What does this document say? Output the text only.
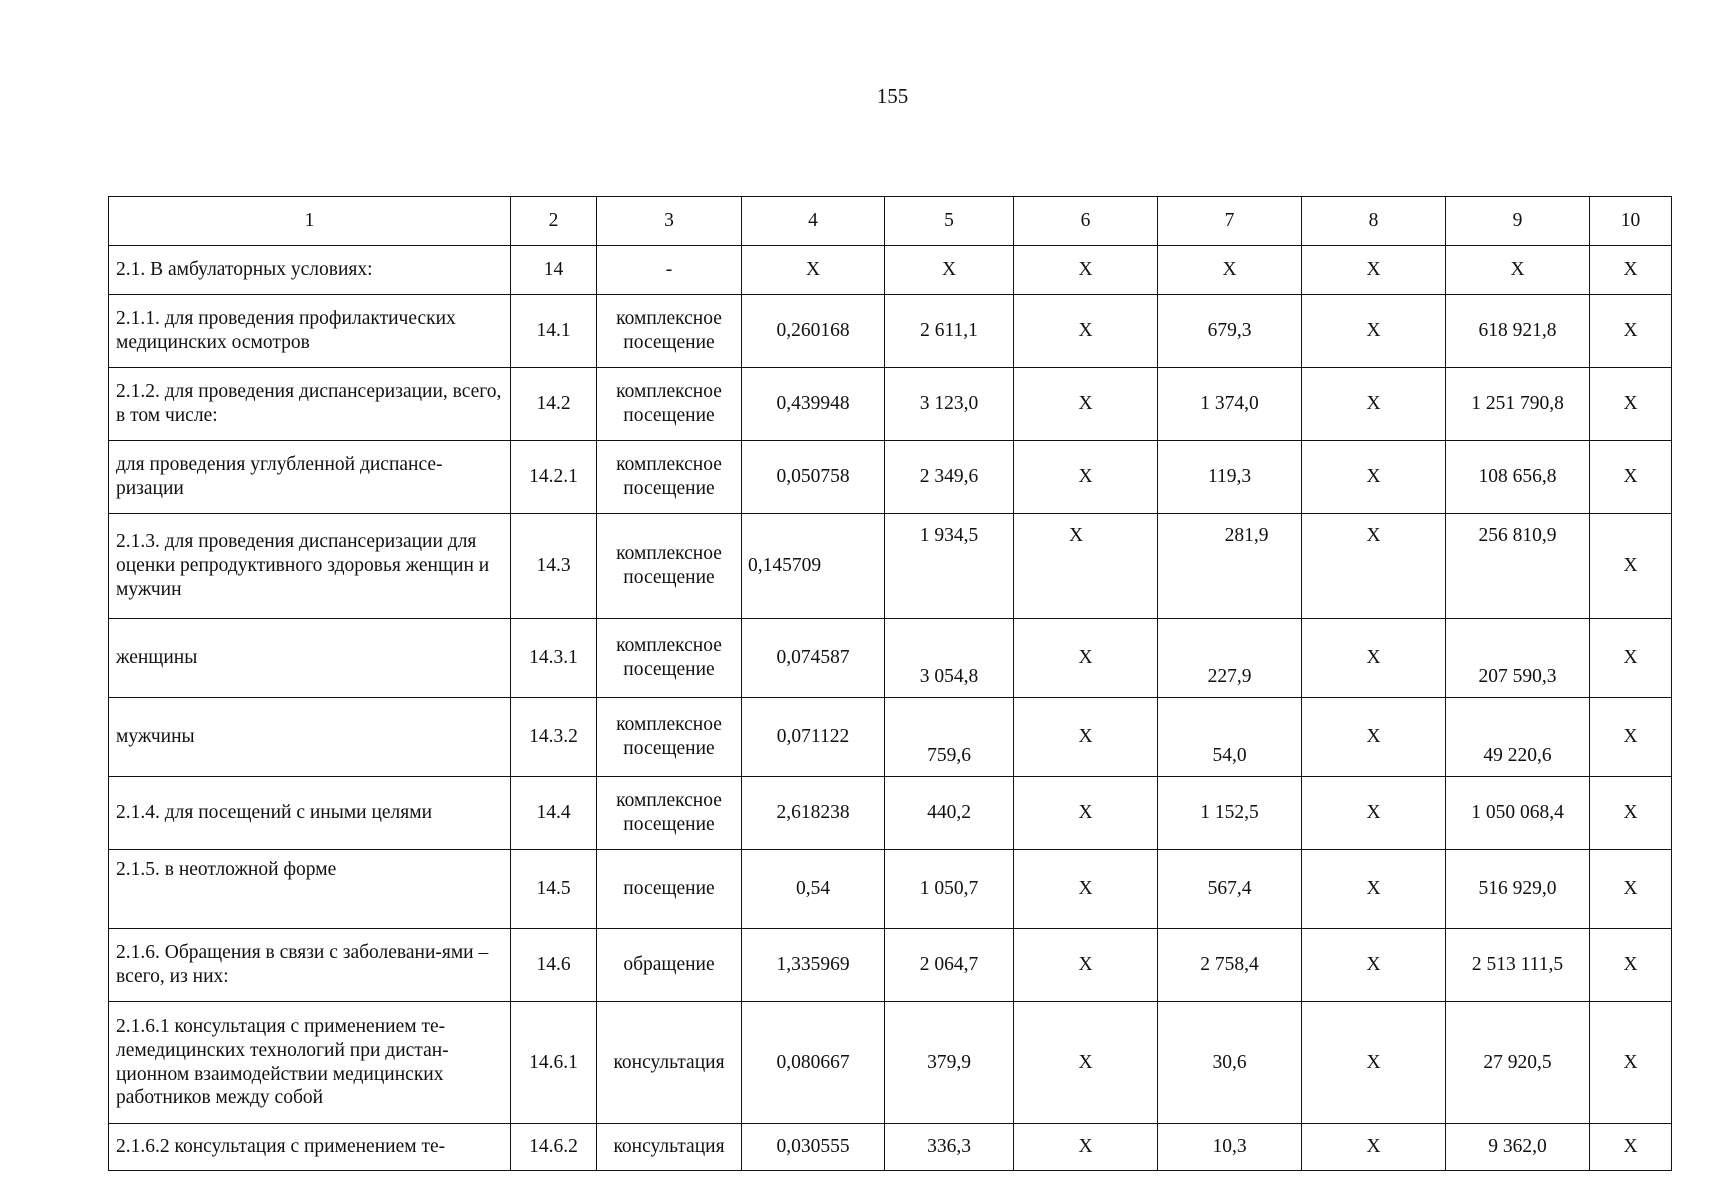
155
1	2	3	4	5	6	7	8	9	10
2.1. В амбулаторных условиях:	14	-	X	X	X	X	X	X	X
2.1.1. для проведения профилактических медицинских осмотров	14.1	комплексное посещение	0,260168	2 611,1	X	679,3	X	618 921,8	X
2.1.2. для проведения диспансеризации, всего, в том числе:	14.2	комплексное посещение	0,439948	3 123,0	X	1 374,0	X	1 251 790,8	X
для проведения углубленной диспансе-ризации	14.2.1	комплексное посещение	0,050758	2 349,6	X	119,3	X	108 656,8	X
2.1.3. для проведения диспансеризации для оценки репродуктивного здоровья женщин и мужчин	14.3	комплексное посещение	0,145709	1 934,5	X	281,9	X	256 810,9	X
женщины	14.3.1	комплексное посещение	0,074587	3 054,8	X	227,9	X	207 590,3	X
мужчины	14.3.2	комплексное посещение	0,071122	759,6	X	54,0	X	49 220,6	X
2.1.4. для посещений с иными целями	14.4	комплексное посещение	2,618238	440,2	X	1 152,5	X	1 050 068,4	X
2.1.5. в неотложной форме	14.5	посещение	0,54	1 050,7	X	567,4	X	516 929,0	X
2.1.6. Обращения в связи с заболевани-ями – всего, из них:	14.6	обращение	1,335969	2 064,7	X	2 758,4	X	2 513 111,5	X
2.1.6.1 консультация с применением те-лемедицинских технологий при дистан-ционном взаимодействии медицинских работников между собой	14.6.1	консультация	0,080667	379,9	X	30,6	X	27 920,5	X
2.1.6.2 консультация с применением те-	14.6.2	консультация	0,030555	336,3	X	10,3	X	9 362,0	X
